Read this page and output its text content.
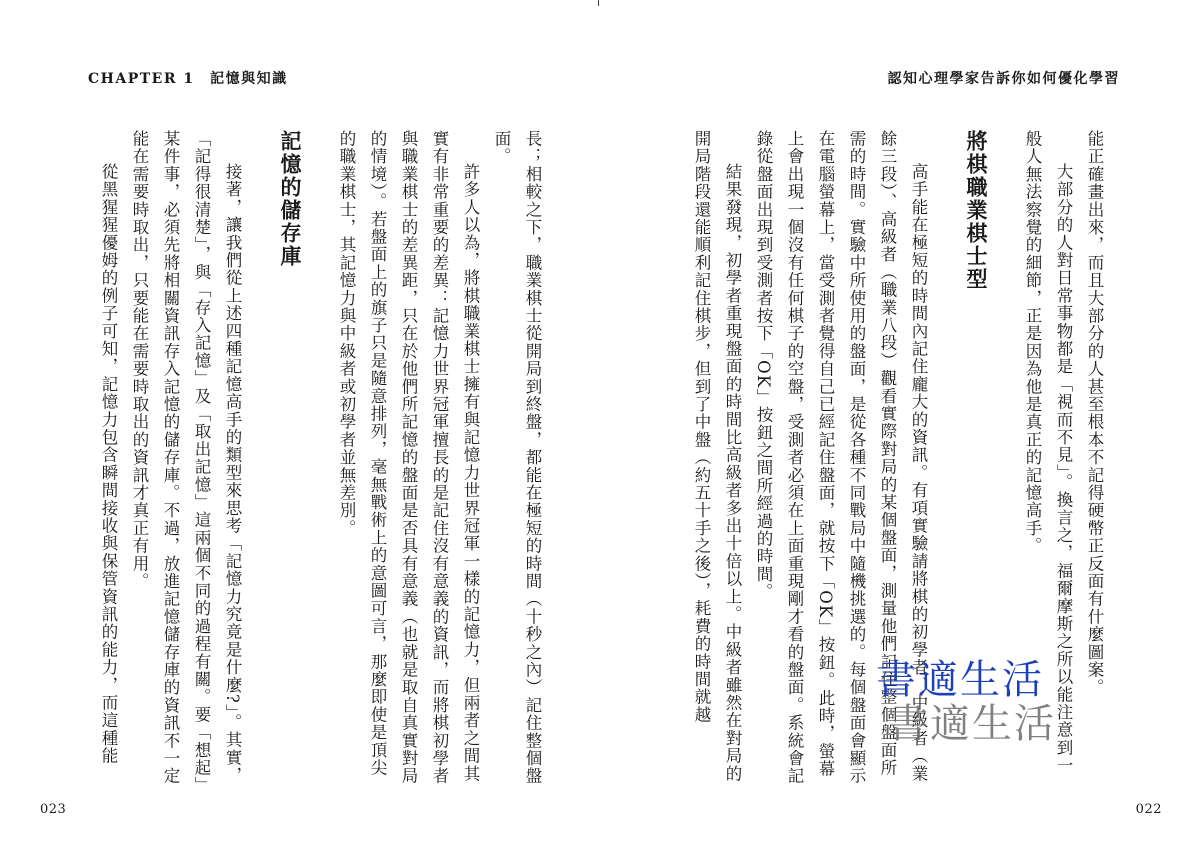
CHAPTER 1　記憶與知識	認知心理學家告訴你如何優化學習

能正確畫出來，而且大部分的人甚至根本不記得硬幣正反面有什麼圖案。

大部分的人對日常事物都是「視而不見」。換言之，福爾摩斯之所以能注意到一般人無法察覺的細節，正是因為他是真正的記憶高手。

將棋職業棋士型

高手能在極短的時間內記住龐大的資訊。有項實驗請將棋的初學者、中級者（業餘三段）、高級者（職業八段）觀看實際對局的某個盤面，測量他們記住整個盤面所需的時間。實驗中所使用的盤面，是從各種不同戰局中隨機挑選的。每個盤面會顯示在電腦螢幕上，當受測者覺得自己已經記住盤面，就按下「OK」按鈕。此時，螢幕上會出現一個沒有任何棋子的空盤，受測者必須在上面重現剛才看的盤面。系統會記錄從盤面出現到受測者按下「OK」按鈕之間所經過的時間。

結果發現，初學者重現盤面的時間比高級者多出十倍以上。中級者雖然在對局的開局階段還能順利記住棋步，但到了中盤（約五十手之後），耗費的時間就越

長；相較之下，職業棋士從開局到終盤，都能在極短的時間（十秒之內）記住整個盤面。

許多人以為，將棋職業棋士擁有與記憶力世界冠軍一樣的記憶力，但兩者之間其實有非常重要的差異：記憶力世界冠軍擅長的是記住沒有意義的資訊，而將棋初學者與職業棋士的差異距，只在於他們所記憶的盤面是否具有意義（也就是取自真實對局的情境）。若盤面上的旗子只是隨意排列，毫無戰術上的意圖可言，那麼即使是頂尖的職業棋士，其記憶力與中級者或初學者並無差別。

記憶的儲存庫

接著，讓我們從上述四種記憶高手的類型來思考「記憶力究竟是什麼?」。其實，「記得很清楚」，與「存入記憶」及「取出記憶」這兩個不同的過程有關。要「想起」某件事，必須先將相關資訊存入記憶的儲存庫。不過，放進記憶儲存庫的資訊不一定能在需要時取出，只要能在需要時取出的資訊才真正有用。

從黑猩猩優姆的例子可知，記憶力包含瞬間接收與保管資訊的能力，而這種能	書適生活
書適生活
023	022
